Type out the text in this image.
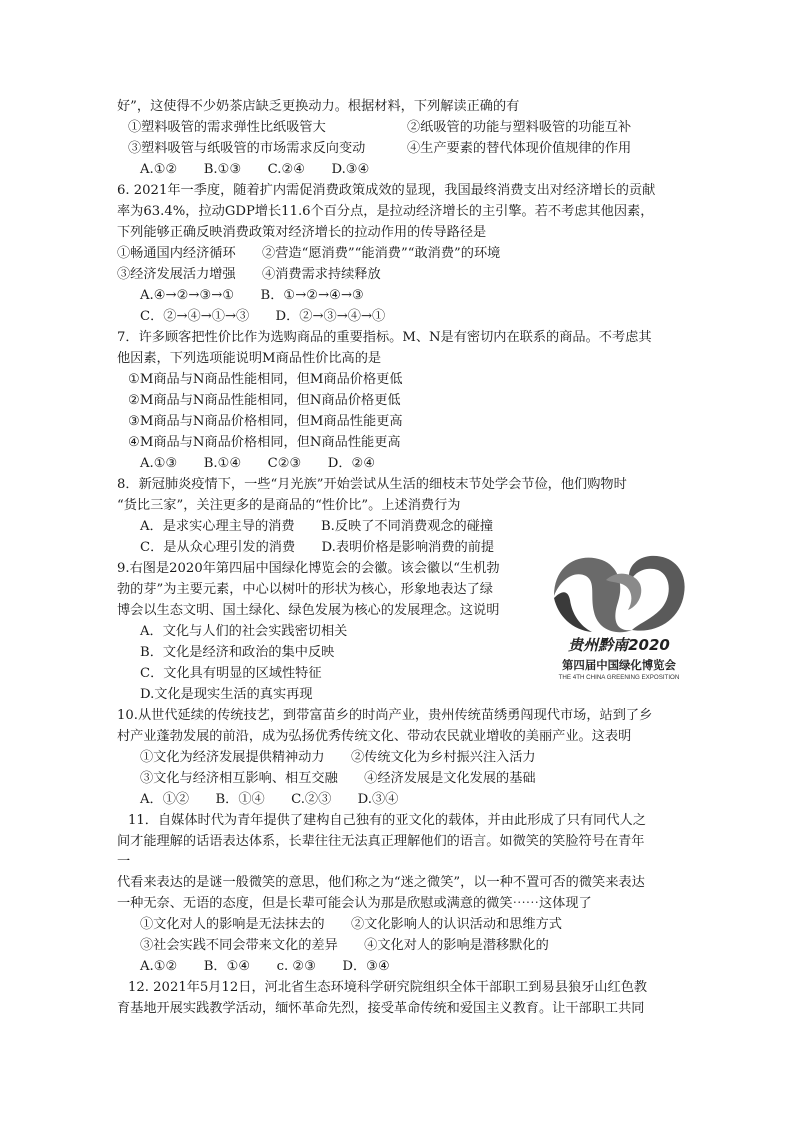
好”，这使得不少奶茶店缺乏更换动力。根据材料，下列解读正确的有
①塑料吸管的需求弹性比纸吸管大	②纸吸管的功能与塑料吸管的功能互补
③塑料吸管与纸吸管的市场需求反向变动	④生产要素的替代体现价值规律的作用
A.①②　　B.①③　　C.②④　　D.③④
6. 2021年一季度，随着扩内需促消费政策成效的显现，我国最终消费支出对经济增长的贡献
率为63.4%，拉动GDP增长11.6个百分点，是拉动经济增长的主引擎。若不考虑其他因素，
下列能够正确反映消费政策对经济增长的拉动作用的传导路径是
①畅通国内经济循环　　②营造“愿消费”“能消费”“敢消费”的环境
③经济发展活力增强　　④消费需求持续释放
A.④→②→③→①　　B．①→②→④→③
C．②→④→①→③　　D．②→③→④→①
7．许多顾客把性价比作为选购商品的重要指标。M、N是有密切内在联系的商品。不考虑其
他因素，下列选项能说明M商品性价比高的是
①M商品与N商品性能相同，但M商品价格更低
②M商品与N商品性能相同，但N商品价格更低
③M商品与N商品价格相同，但M商品性能更高
④M商品与N商品价格相同，但N商品性能更高
A.①③　　B.①④　　C②③　　D．②④
8．新冠肺炎疫情下，一些“月光族”开始尝试从生活的细枝末节处学会节俭，他们购物时
“货比三家”，关注更多的是商品的“性价比”。上述消费行为
A．是求实心理主导的消费　　B.反映了不同消费观念的碰撞
C．是从众心理引发的消费　　D.表明价格是影响消费的前提
9.右图是2020年第四届中国绿化博览会的会徽。该会徽以“生机勃
勃的芽”为主要元素，中心以树叶的形状为核心，形象地表达了绿
博会以生态文明、国土绿化、绿色发展为核心的发展理念。这说明
A．文化与人们的社会实践密切相关
B．文化是经济和政治的集中反映
C．文化具有明显的区域性特征
D.文化是现实生活的真实再现
10.从世代延续的传统技艺，到带富苗乡的时尚产业，贵州传统苗绣勇闯现代市场，站到了乡
村产业蓬勃发展的前沿，成为弘扬优秀传统文化、带动农民就业增收的美丽产业。这表明
①文化为经济发展提供精神动力　　②传统文化为乡村振兴注入活力
③文化与经济相互影响、相互交融　　④经济发展是文化发展的基础
A．①②　　B．①④　　C.②③　　D.③④
11．自媒体时代为青年提供了建构自己独有的亚文化的载体，并由此形成了只有同代人之
间才能理解的话语表达体系，长辈往往无法真正理解他们的语言。如微笑的笑脸符号在青年
一
代看来表达的是谜一般微笑的意思，他们称之为“迷之微笑”，以一种不置可否的微笑来表达
一种无奈、无语的态度，但是长辈可能会认为那是欣慰或满意的微笑⋯⋯这体现了
①文化对人的影响是无法抹去的　　②文化影响人的认识活动和思维方式
③社会实践不同会带来文化的差异　　④文化对人的影响是潜移默化的
A.①②　　B．①④　　c. ②③　　D．③④
12. 2021年5月12日，河北省生态环境科学研究院组织全体干部职工到易县狼牙山红色教
育基地开展实践教学活动，缅怀革命先烈，接受革命传统和爱国主义教育。让干部职工共同
贵州黔南2020
第四届中国绿化博览会
THE 4TH CHINA GREENING EXPOSITION
